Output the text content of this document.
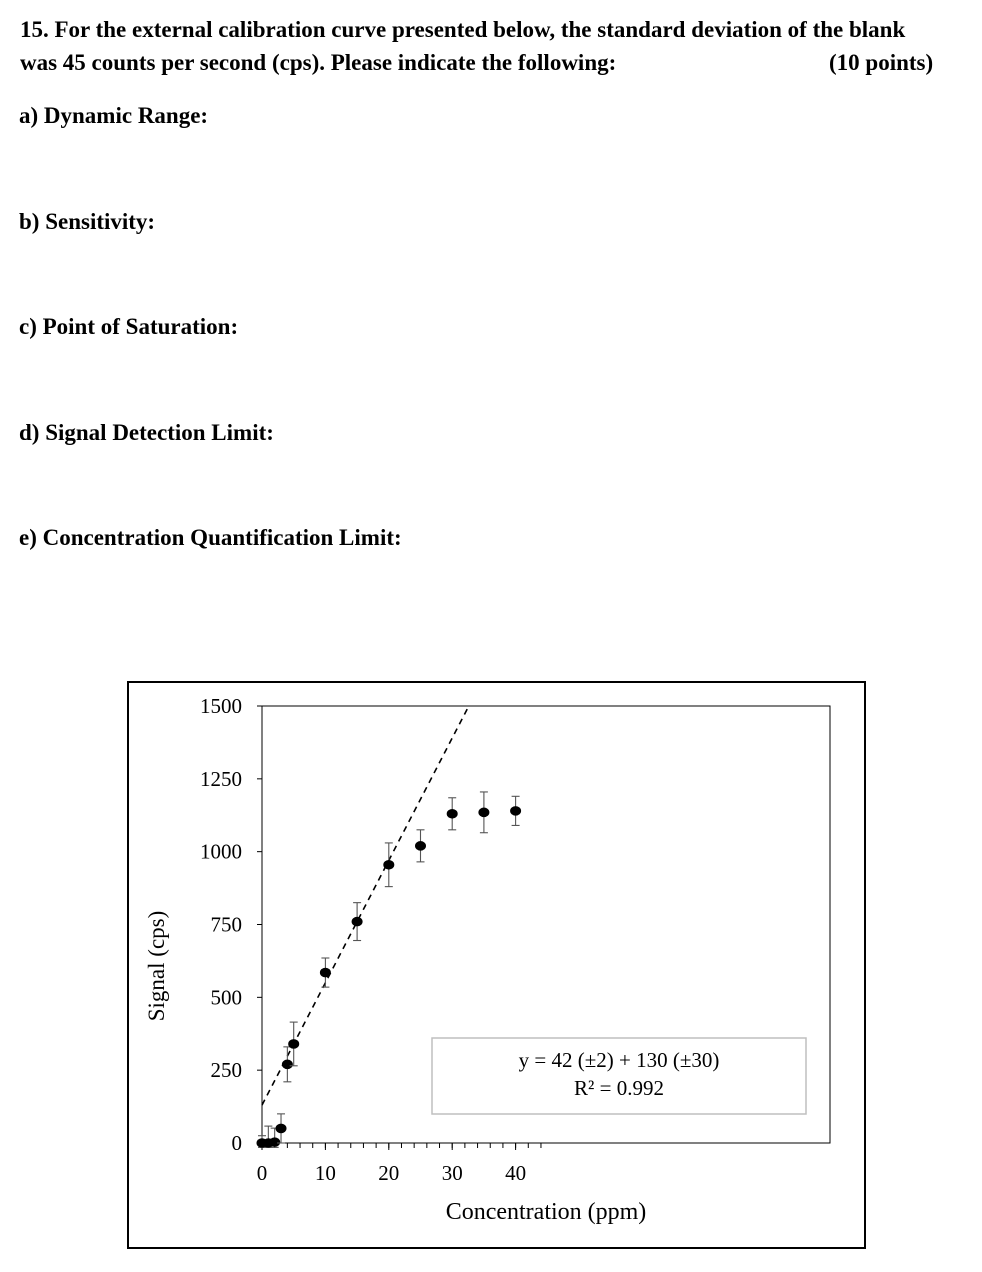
15. For the external calibration curve presented below, the standard deviation of the blank
was 45 counts per second (cps). Please indicate the following:	(10 points)
a) Dynamic Range:
b) Sensitivity:
c) Point of Saturation:
d) Signal Detection Limit:
e) Concentration Quantification Limit:
0
250
500
750
1000
1250
1500
0 10 20 30 40
y = 42 (±2) + 130 (±30)
R² = 0.992
Concentration (ppm)
Signal (cps)
